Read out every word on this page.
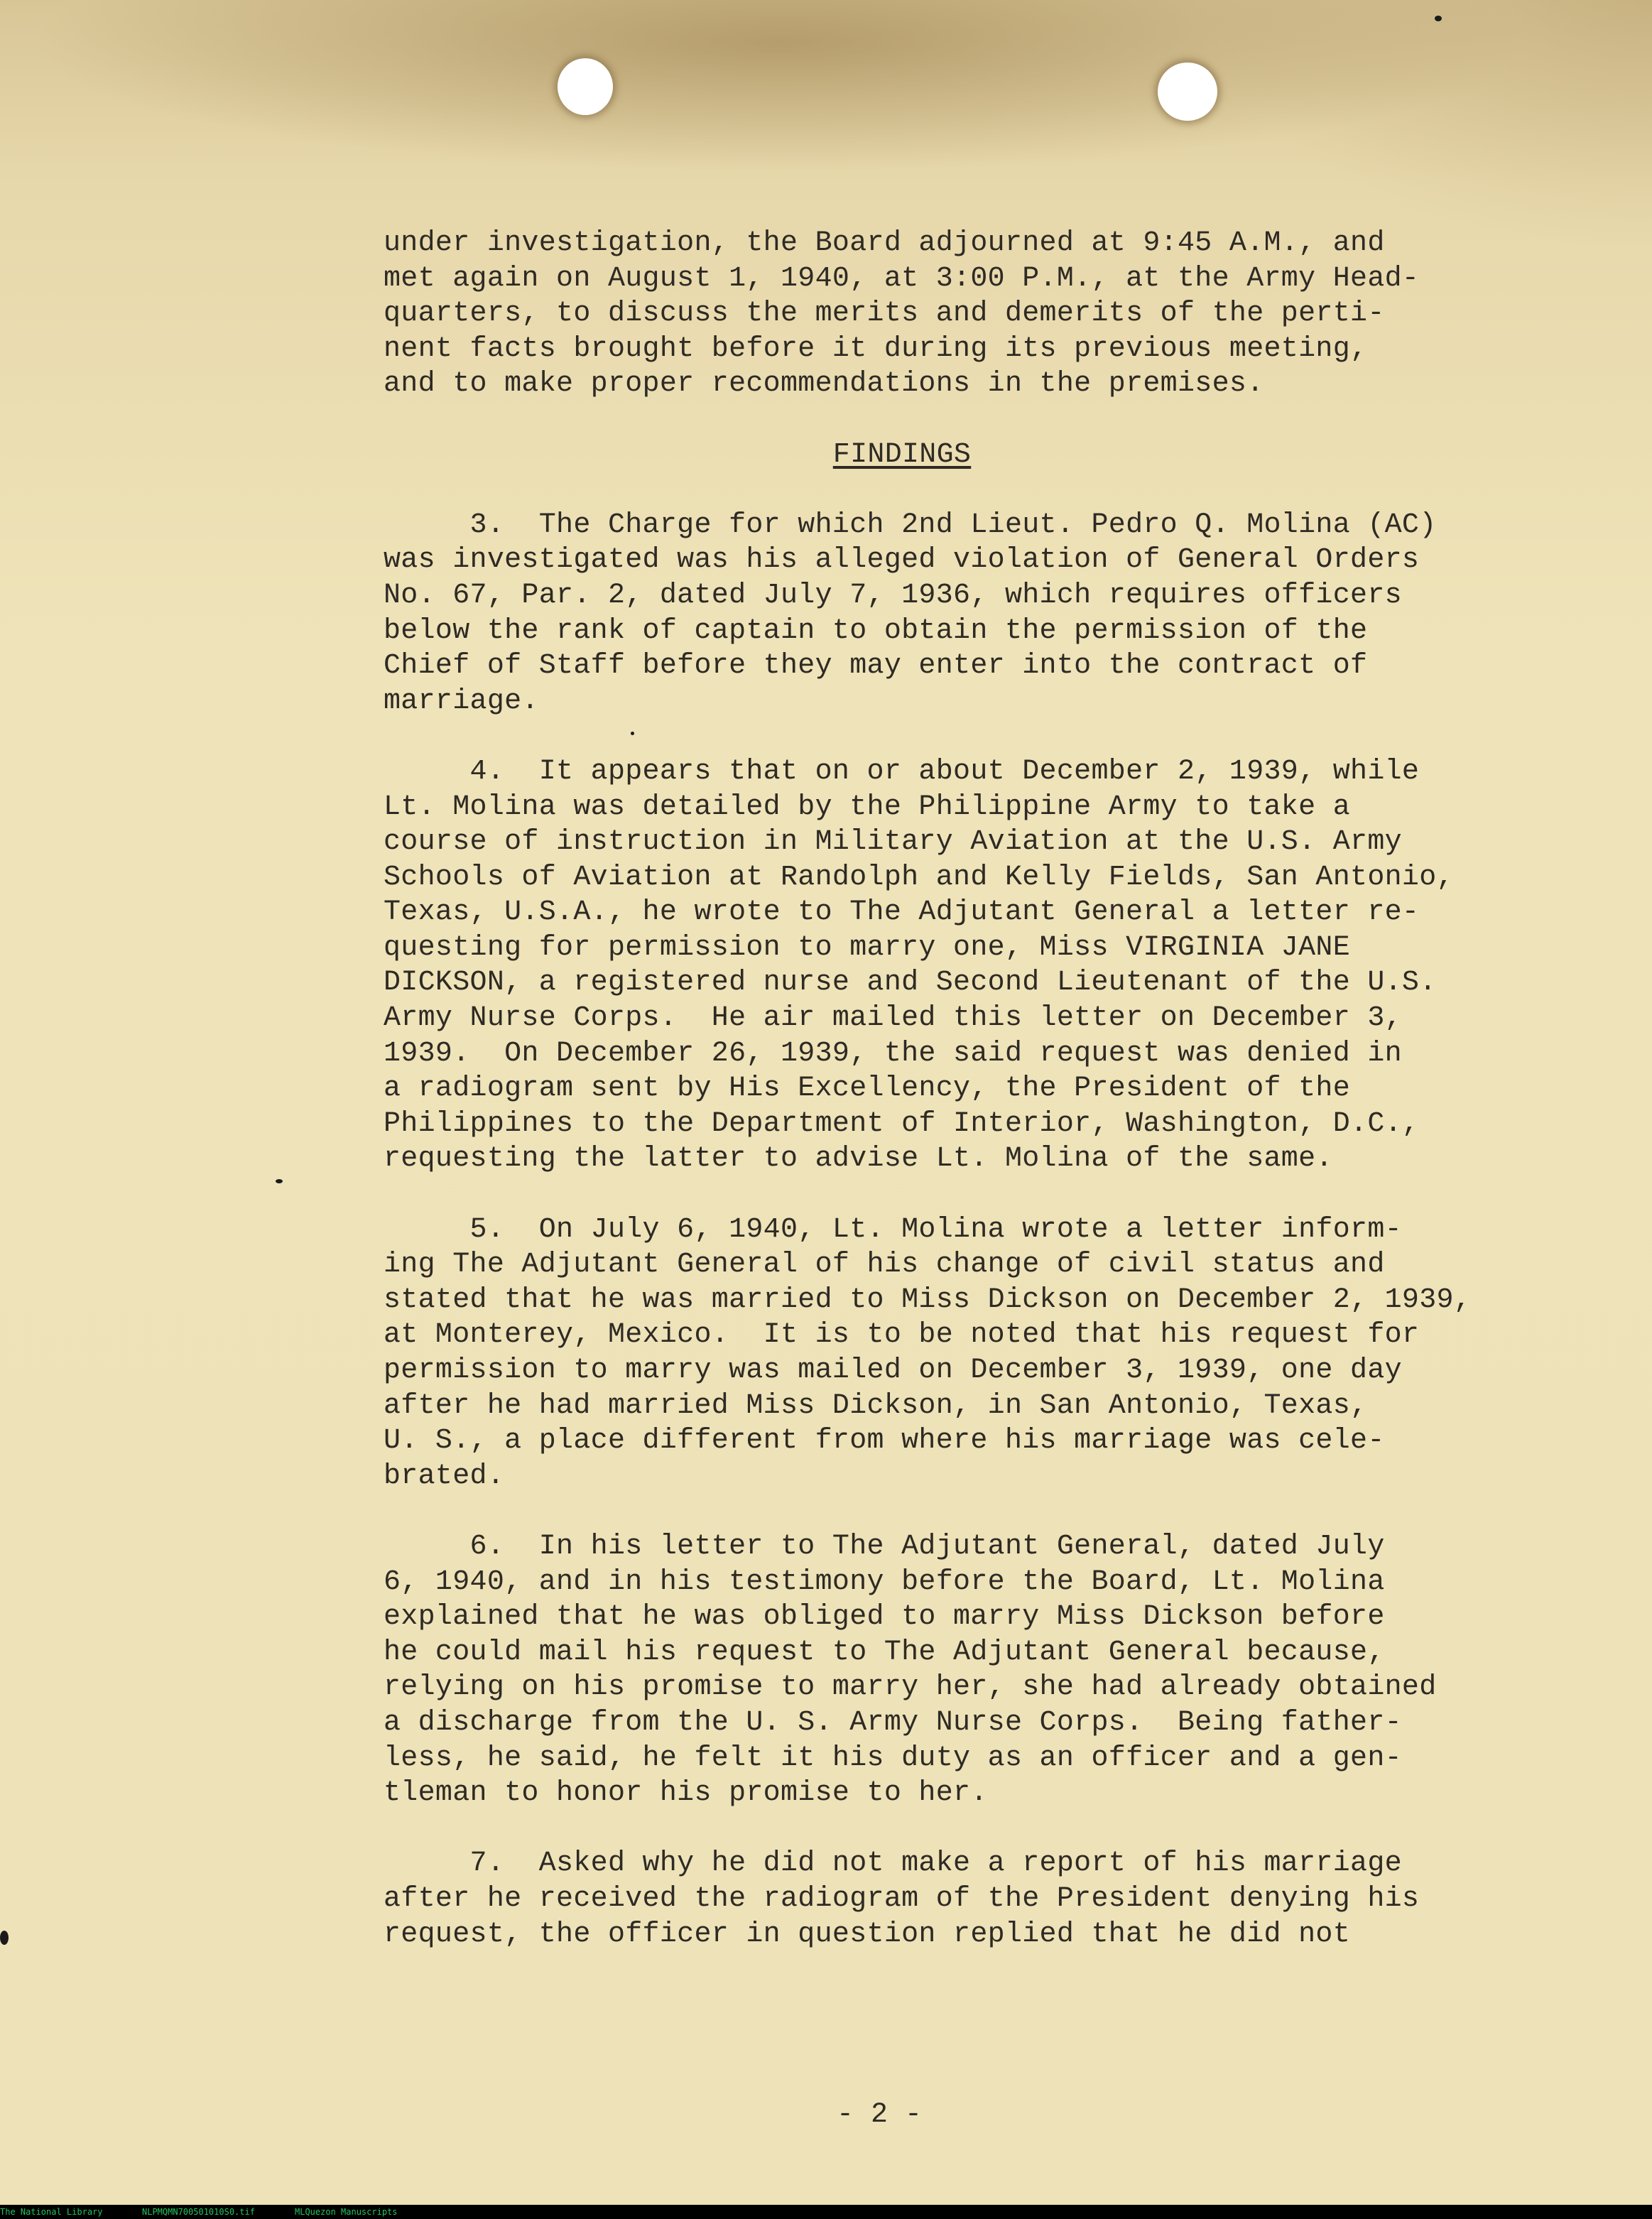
under investigation, the Board adjourned at 9:45 A.M., and
met again on August 1, 1940, at 3:00 P.M., at the Army Head-
quarters, to discuss the merits and demerits of the perti-
nent facts brought before it during its previous meeting,
and to make proper recommendations in the premises.

FINDINGS

3.  The Charge for which 2nd Lieut. Pedro Q. Molina (AC)
was investigated was his alleged violation of General Orders
No. 67, Par. 2, dated July 7, 1936, which requires officers
below the rank of captain to obtain the permission of the
Chief of Staff before they may enter into the contract of
marriage.
4.  It appears that on or about December 2, 1939, while
Lt. Molina was detailed by the Philippine Army to take a
course of instruction in Military Aviation at the U.S. Army
Schools of Aviation at Randolph and Kelly Fields, San Antonio,
Texas, U.S.A., he wrote to The Adjutant General a letter re-
questing for permission to marry one, Miss VIRGINIA JANE
DICKSON, a registered nurse and Second Lieutenant of the U.S.
Army Nurse Corps.  He air mailed this letter on December 3,
1939.  On December 26, 1939, the said request was denied in
a radiogram sent by His Excellency, the President of the
Philippines to the Department of Interior, Washington, D.C.,
requesting the latter to advise Lt. Molina of the same.
5.  On July 6, 1940, Lt. Molina wrote a letter inform-
ing The Adjutant General of his change of civil status and
stated that he was married to Miss Dickson on December 2, 1939,
at Monterey, Mexico.  It is to be noted that his request for
permission to marry was mailed on December 3, 1939, one day
after he had married Miss Dickson, in San Antonio, Texas,
U. S., a place different from where his marriage was cele-
brated.
6.  In his letter to The Adjutant General, dated July
6, 1940, and in his testimony before the Board, Lt. Molina
explained that he was obliged to marry Miss Dickson before
he could mail his request to The Adjutant General because,
relying on his promise to marry her, she had already obtained
a discharge from the U. S. Army Nurse Corps.  Being father-
less, he said, he felt it his duty as an officer and a gen-
tleman to honor his promise to her.
7.  Asked why he did not make a report of his marriage
after he received the radiogram of the President denying his
request, the officer in question replied that he did not
- 2 -
The National Library	NLPMQMN700501010S0.tif	MLQuezon Manuscripts
